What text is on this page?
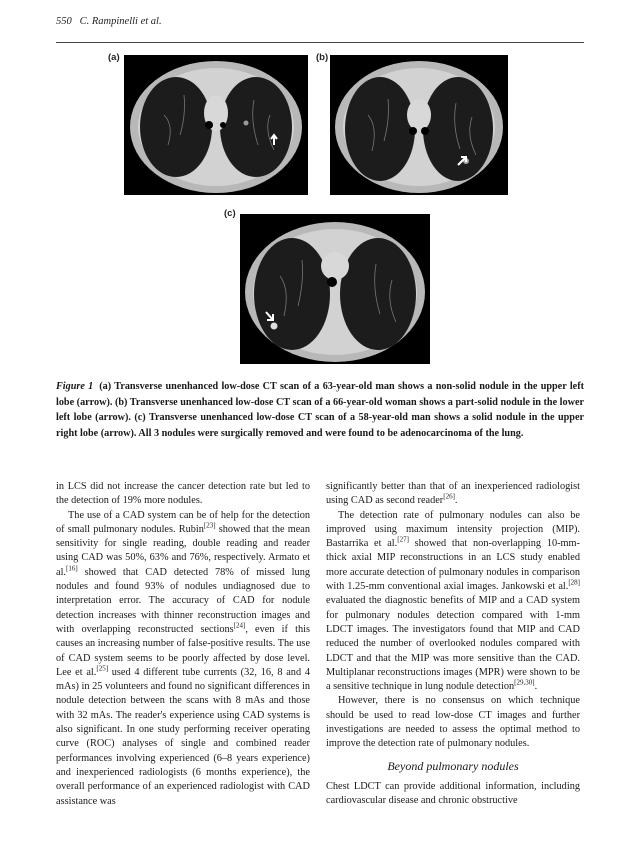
550 C. Rampinelli et al.
(a)	(b)
(c)
Figure 1 (a) Transverse unenhanced low-dose CT scan of a 63-year-old man shows a non-solid nodule in the upper left lobe (arrow). (b) Transverse unenhanced low-dose CT scan of a 66-year-old woman shows a part-solid nodule in the lower left lobe (arrow). (c) Transverse unenhanced low-dose CT scan of a 58-year-old man shows a solid nodule in the upper right lobe (arrow). All 3 nodules were surgically removed and were found to be adenocarcinoma of the lung.

in LCS did not increase the cancer detection rate but led to the detection of 19% more nodules.

The use of a CAD system can be of help for the detection of small pulmonary nodules. Rubin[23] showed that the mean sensitivity for single reading, double reading and reader using CAD was 50%, 63% and 76%, respectively. Armato et al.[16] showed that CAD detected 78% of missed lung nodules and found 93% of nodules undiagnosed due to interpretation error. The accuracy of CAD for nodule detection increases with thinner reconstruction images and with overlapping reconstructed sections[24], even if this causes an increasing number of false-positive results. The use of CAD system seems to be poorly affected by dose level. Lee et al.[25] used 4 different tube currents (32, 16, 8 and 4 mAs) in 25 volunteers and found no significant differences in nodule detection between the scans with 8 mAs and those with 32 mAs. The reader's experience using CAD systems is also significant. In one study performing receiver operating curve (ROC) analyses of single and combined reader performances involving experienced (6–8 years experience) and inexperienced radiologists (6 months experience), the overall performance of an experienced radiologist with CAD assistance was

significantly better than that of an inexperienced radiologist using CAD as second reader[26].

The detection rate of pulmonary nodules can also be improved using maximum intensity projection (MIP). Bastarrika et al.[27] showed that non-overlapping 10-mm-thick axial MIP reconstructions in an LCS study enabled more accurate detection of pulmonary nodules in comparison with 1.25-mm conventional axial images. Jankowski et al.[28] evaluated the diagnostic benefits of MIP and a CAD system for pulmonary nodules detection compared with 1-mm LDCT images. The investigators found that MIP and CAD reduced the number of overlooked nodules compared with LDCT and that the MIP was more sensitive than the CAD. Multiplanar reconstructions images (MPR) were shown to be a sensitive technique in lung nodule detection[29,30].

However, there is no consensus on which technique should be used to read low-dose CT images and further investigations are needed to assess the optimal method to improve the detection rate of pulmonary nodules.

Beyond pulmonary nodules

Chest LDCT can provide additional information, including cardiovascular disease and chronic obstructive
